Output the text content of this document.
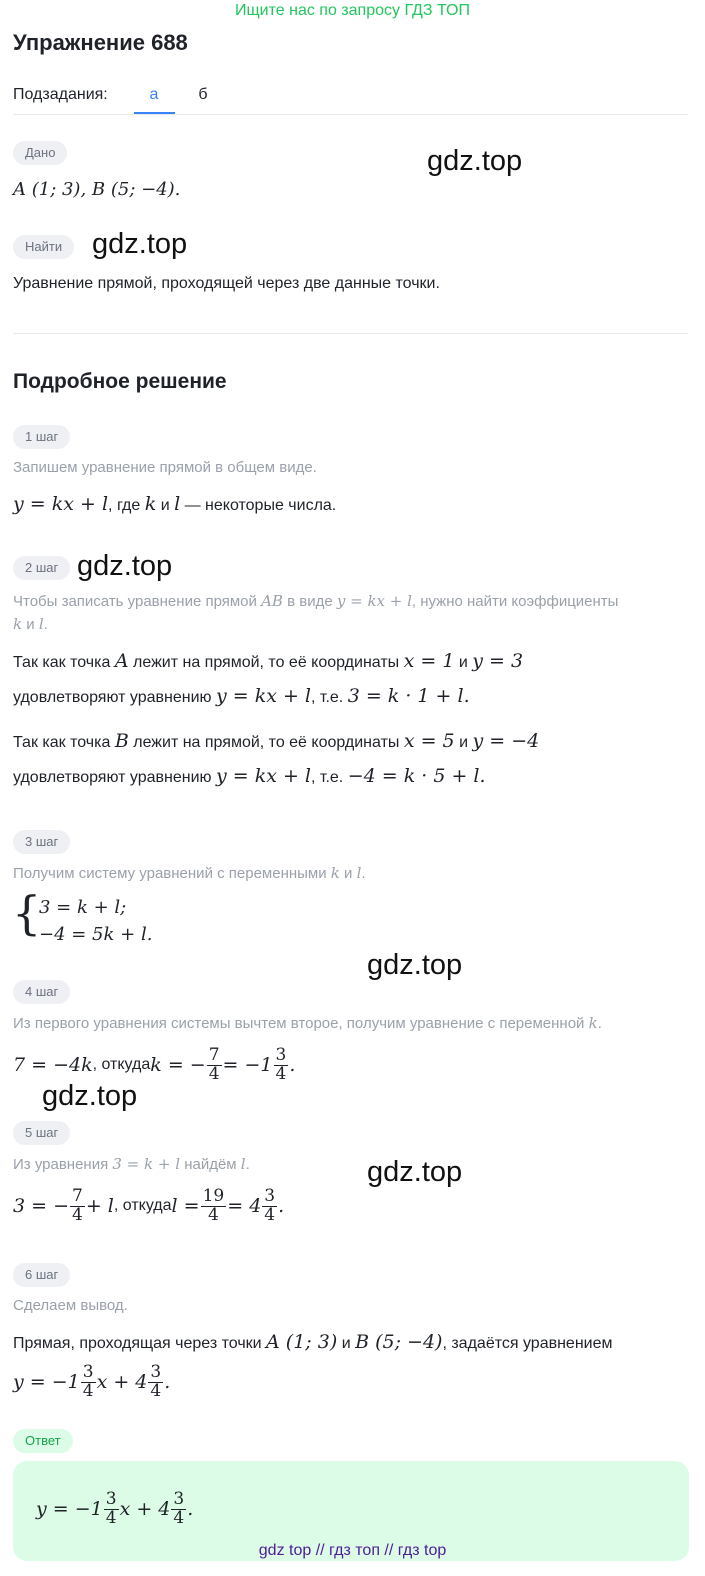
Ищите нас по запросу ГДЗ ТОП
Упражнение 688
Подзадания:	а	б
Дано
A (1; 3), B (5; −4).
gdz.top
Найти	gdz.top
Уравнение прямой, проходящей через две данные точки.
Подробное решение
1 шаг
Запишем уравнение прямой в общем виде.
y = kx + l, где k и l — некоторые числа.
2 шаг gdz.top
Чтобы записать уравнение прямой AB в виде y = kx + l, нужно найти коэффициенты
k и l.
Так как точка A лежит на прямой, то её координаты x = 1 и y = 3
удовлетворяют уравнению y = kx + l, т.е. 3 = k · 1 + l.
Так как точка B лежит на прямой, то её координаты x = 5 и y = −4
удовлетворяют уравнению y = kx + l, т.е. −4 = k · 5 + l.
3 шаг
Получим систему уравнений с переменными k и l.
{
3 = k + l;
−4 = 5k + l.
gdz.top
4 шаг
Из первого уравнения системы вычтем второе, получим уравнение с переменной k.
7 = −4k , откуда k = − $\frac{7}{4} = -1 \frac{3}{4}$ .
gdz.top
5 шаг
Из уравнения 3 = k + l найдём l.	gdz.top
3 = − $\frac{7}{4} + l$ , откуда $l = \frac{19}{4} = 4 \frac{3}{4}$ .
6 шаг
Сделаем вывод.
Прямая, проходящая через точки A (1; 3) и B (5; −4), задаётся уравнением
$y = -1 \frac{3}{4}$ $x + 4 \frac{3}{4}$ .
Ответ
$y = -1 \frac{3}{4}$ $x + 4 \frac{3}{4}$ .
gdz top // гдз топ // гдз top
